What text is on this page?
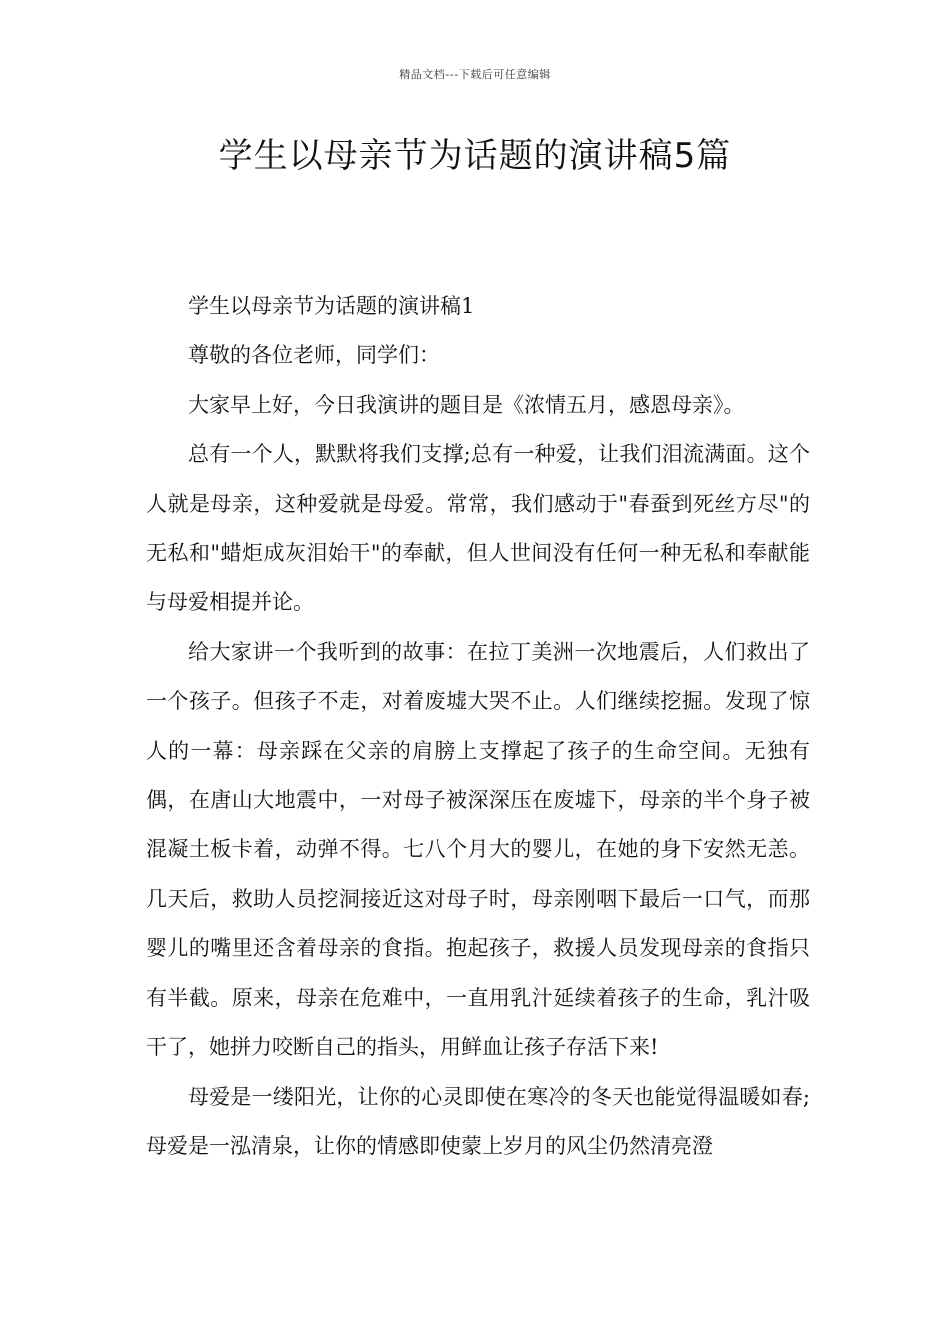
精品文档---下载后可任意编辑
学生以母亲节为话题的演讲稿5篇

学生以母亲节为话题的演讲稿1

尊敬的各位老师，同学们：

大家早上好，今日我演讲的题目是《浓情五月，感恩母亲》。

总有一个人，默默将我们支撑;总有一种爱，让我们泪流满面。这个人就是母亲，这种爱就是母爱。常常，我们感动于"春蚕到死丝方尽"的无私和"蜡炬成灰泪始干"的奉献，但人世间没有任何一种无私和奉献能与母爱相提并论。

给大家讲一个我听到的故事：在拉丁美洲一次地震后，人们救出了一个孩子。但孩子不走，对着废墟大哭不止。人们继续挖掘。发现了惊人的一幕：母亲踩在父亲的肩膀上支撑起了孩子的生命空间。无独有偶，在唐山大地震中，一对母子被深深压在废墟下，母亲的半个身子被混凝土板卡着，动弹不得。七八个月大的婴儿，在她的身下安然无恙。几天后，救助人员挖洞接近这对母子时，母亲刚咽下最后一口气，而那婴儿的嘴里还含着母亲的食指。抱起孩子，救援人员发现母亲的食指只有半截。原来，母亲在危难中，一直用乳汁延续着孩子的生命，乳汁吸干了，她拼力咬断自己的指头，用鲜血让孩子存活下来!

母爱是一缕阳光，让你的心灵即使在寒冷的冬天也能觉得温暖如春;母爱是一泓清泉，让你的情感即使蒙上岁月的风尘仍然清亮澄
